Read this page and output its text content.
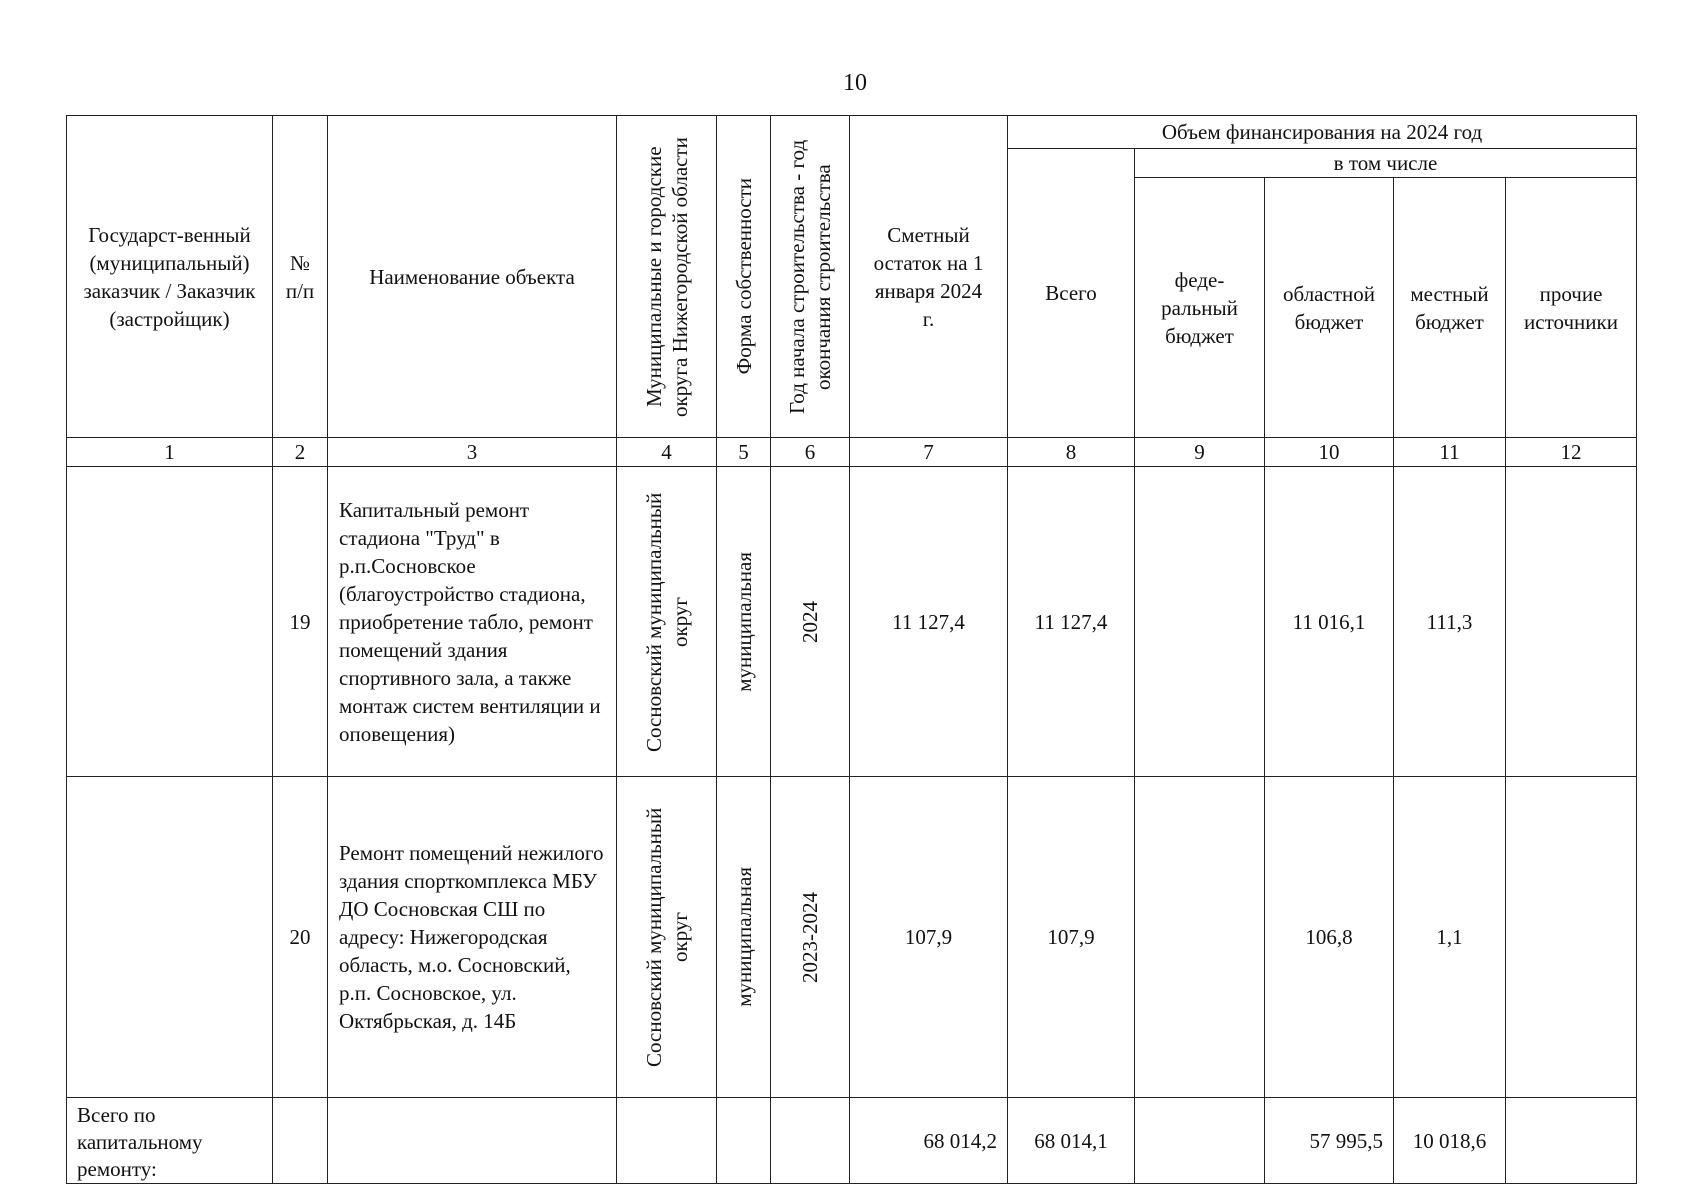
10
Государст-венный (муниципальный) заказчик / Заказчик (застройщик)	№ п/п	Наименование объекта	Муниципальные и городские округа Нижегородской области	Форма собственности	Год начала строительства - год окончания строительства	Сметный остаток на 1 января 2024 г.	Объем финансирования на 2024 год				
							Всего	в том числе			

								феде-ральный бюджет	областной бюджет	местный бюджет	прочие источники

1	2	3	4	5	6	7	8	9	10	11	12
	19	Капитальный ремонт стадиона "Труд" в р.п.Сосновское (благоустройство стадиона, приобретение табло, ремонт помещений здания спортивного зала, а также монтаж систем вентиляции и оповещения)	Сосновский муниципальный округ	муниципальная	2024	11 127,4	11 127,4		11 016,1	111,3	
	20	Ремонт помещений нежилого здания спорткомплекса МБУ ДО Сосновская СШ по адресу: Нижегородская область, м.о. Сосновский, р.п. Сосновское, ул. Октябрьская, д. 14Б	Сосновский муниципальный округ	муниципальная	2023-2024	107,9	107,9		106,8	1,1	

Всего по капитальному ремонту:						68 014,2	68 014,1		57 995,5	10 018,6	
